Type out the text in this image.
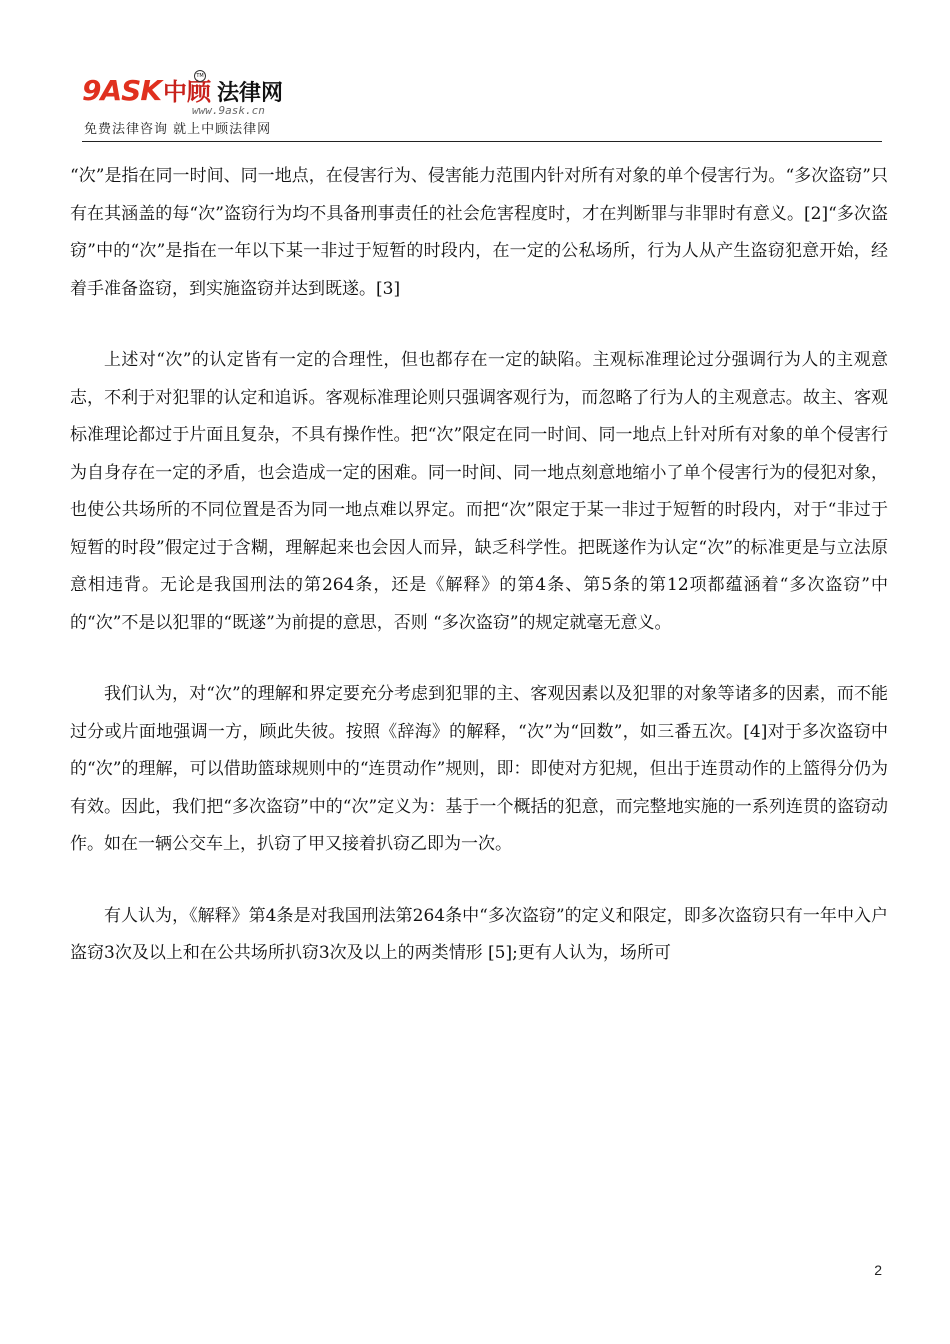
9ASK 中顾 法律网
TM
www.9ask.cn
免费法律咨询 就上中顾法律网

“次”是指在同一时间、同一地点，在侵害行为、侵害能力范围内针对所有对象的单个侵害行为。“多次盗窃”只有在其涵盖的每“次”盗窃行为均不具备刑事责任的社会危害程度时，才在判断罪与非罪时有意义。[2]“多次盗窃”中的“次”是指在一年以下某一非过于短暂的时段内，在一定的公私场所，行为人从产生盗窃犯意开始，经着手准备盗窃，到实施盗窃并达到既遂。[3]

上述对“次”的认定皆有一定的合理性，但也都存在一定的缺陷。主观标准理论过分强调行为人的主观意志，不利于对犯罪的认定和追诉。客观标准理论则只强调客观行为，而忽略了行为人的主观意志。故主、客观标准理论都过于片面且复杂，不具有操作性。把“次”限定在同一时间、同一地点上针对所有对象的单个侵害行为自身存在一定的矛盾，也会造成一定的困难。同一时间、同一地点刻意地缩小了单个侵害行为的侵犯对象，也使公共场所的不同位置是否为同一地点难以界定。而把“次”限定于某一非过于短暂的时段内，对于“非过于短暂的时段”假定过于含糊，理解起来也会因人而异，缺乏科学性。把既遂作为认定“次”的标准更是与立法原意相违背。无论是我国刑法的第264条，还是《解释》的第4条、第5条的第12项都蕴涵着“多次盗窃”中的“次”不是以犯罪的“既遂”为前提的意思，否则 “多次盗窃”的规定就毫无意义。

我们认为，对“次”的理解和界定要充分考虑到犯罪的主、客观因素以及犯罪的对象等诸多的因素，而不能过分或片面地强调一方，顾此失彼。按照《辞海》的解释，“次”为“回数”，如三番五次。[4]对于多次盗窃中的“次”的理解，可以借助篮球规则中的“连贯动作”规则，即：即使对方犯规，但出于连贯动作的上篮得分仍为有效。因此，我们把“多次盗窃”中的“次”定义为：基于一个概括的犯意，而完整地实施的一系列连贯的盗窃动作。如在一辆公交车上，扒窃了甲又接着扒窃乙即为一次。

有人认为，《解释》第4条是对我国刑法第264条中“多次盗窃”的定义和限定，即多次盗窃只有一年中入户盗窃3次及以上和在公共场所扒窃3次及以上的两类情形 [5];更有人认为，场所可

2
